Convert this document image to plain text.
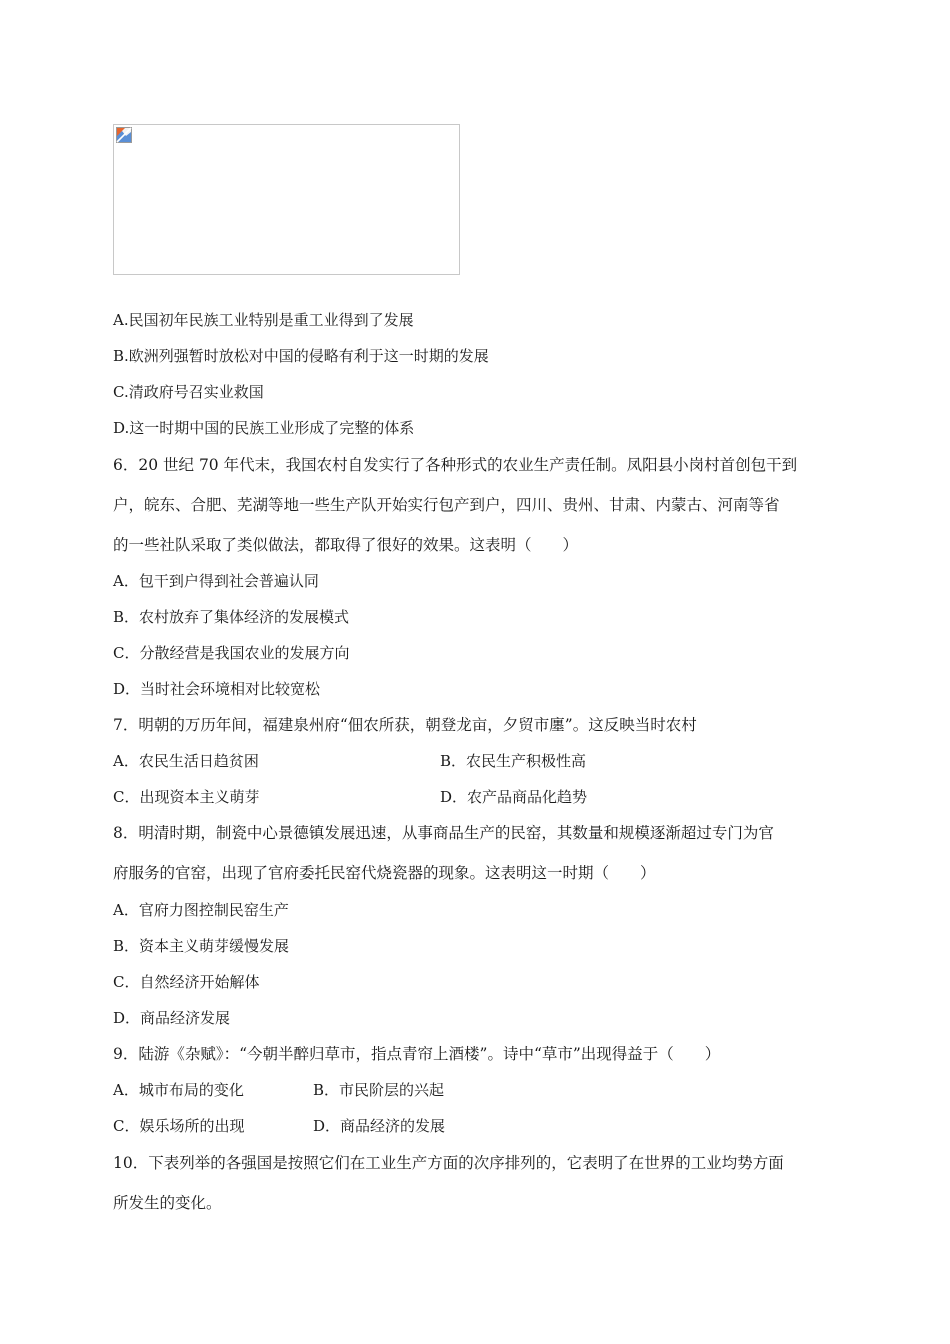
A.民国初年民族工业特别是重工业得到了发展
B.欧洲列强暂时放松对中国的侵略有利于这一时期的发展
C.清政府号召实业救国
D.这一时期中国的民族工业形成了完整的体系
6．20 世纪 70 年代末，我国农村自发实行了各种形式的农业生产责任制。凤阳县小岗村首创包干到
户，皖东、合肥、芜湖等地一些生产队开始实行包产到户，四川、贵州、甘肃、内蒙古、河南等省
的一些社队采取了类似做法，都取得了很好的效果。这表明（　　）
A．包干到户得到社会普遍认同
B．农村放弃了集体经济的发展模式
C．分散经营是我国农业的发展方向
D．当时社会环境相对比较宽松
7．明朝的万历年间，福建泉州府“佃农所获，朝登龙亩，夕贸市廛”。这反映当时农村
A．农民生活日趋贫困	B．农民生产积极性高
C．出现资本主义萌芽	D．农产品商品化趋势
8．明清时期，制瓷中心景德镇发展迅速，从事商品生产的民窑，其数量和规模逐渐超过专门为官
府服务的官窑，出现了官府委托民窑代烧瓷器的现象。这表明这一时期（　　）
A．官府力图控制民窑生产
B．资本主义萌芽缓慢发展
C．自然经济开始解体
D．商品经济发展
9．陆游《杂赋》：“今朝半醉归草市，指点青帘上酒楼”。诗中“草市”出现得益于（　　）
A．城市布局的变化	B．市民阶层的兴起
C．娱乐场所的出现	D．商品经济的发展
10．下表列举的各强国是按照它们在工业生产方面的次序排列的，它表明了在世界的工业均势方面
所发生的变化。
